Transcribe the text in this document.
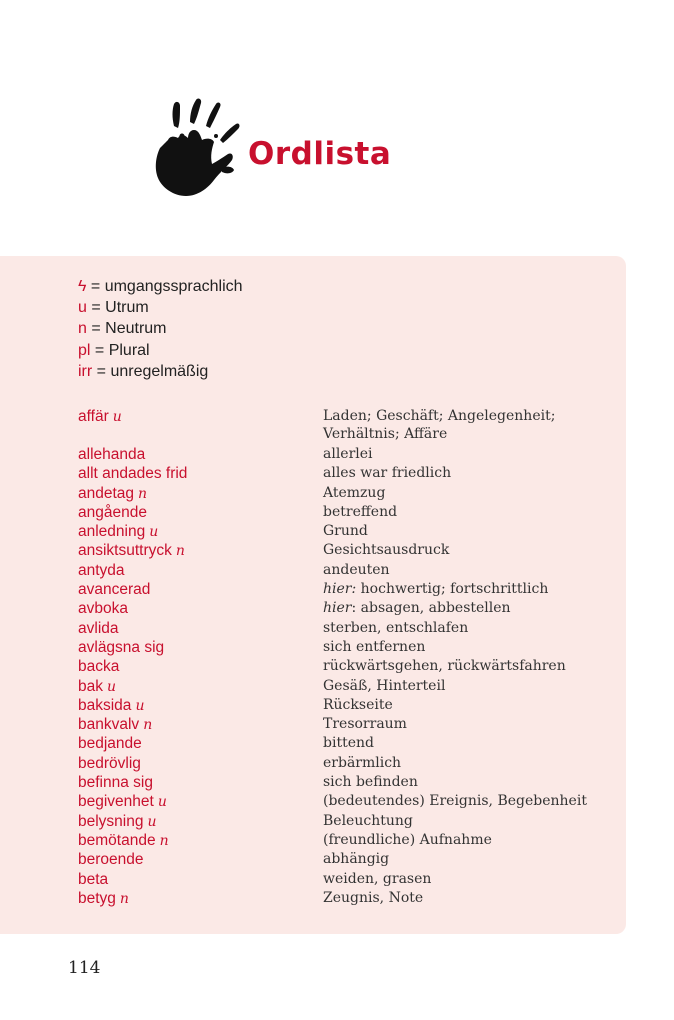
Ordlista
ϟ = umgangssprachlich
u = Utrum
n = Neutrum
pl = Plural
irr = unregelmäßig
affär u	Laden; Geschäft; Angelegenheit; Verhältnis; Affäre
allehanda	allerlei
allt andades frid	alles war friedlich
andetag n	Atemzug
angående	betreffend
anledning u	Grund
ansiktsuttryck n	Gesichtsausdruck
antyda	andeuten
avancerad	hier: hochwertig; fortschrittlich
avboka	hier: absagen, abbestellen
avlida	sterben, entschlafen
avlägsna sig	sich entfernen
backa	rückwärtsgehen, rückwärtsfahren
bak u	Gesäß, Hinterteil
baksida u	Rückseite
bankvalv n	Tresorraum
bedjande	bittend
bedrövlig	erbärmlich
befinna sig	sich befinden
begivenhet u	(bedeutendes) Ereignis, Begebenheit
belysning u	Beleuchtung
bemötande n	(freundliche) Aufnahme
beroende	abhängig
beta	weiden, grasen
betyg n	Zeugnis, Note
114
